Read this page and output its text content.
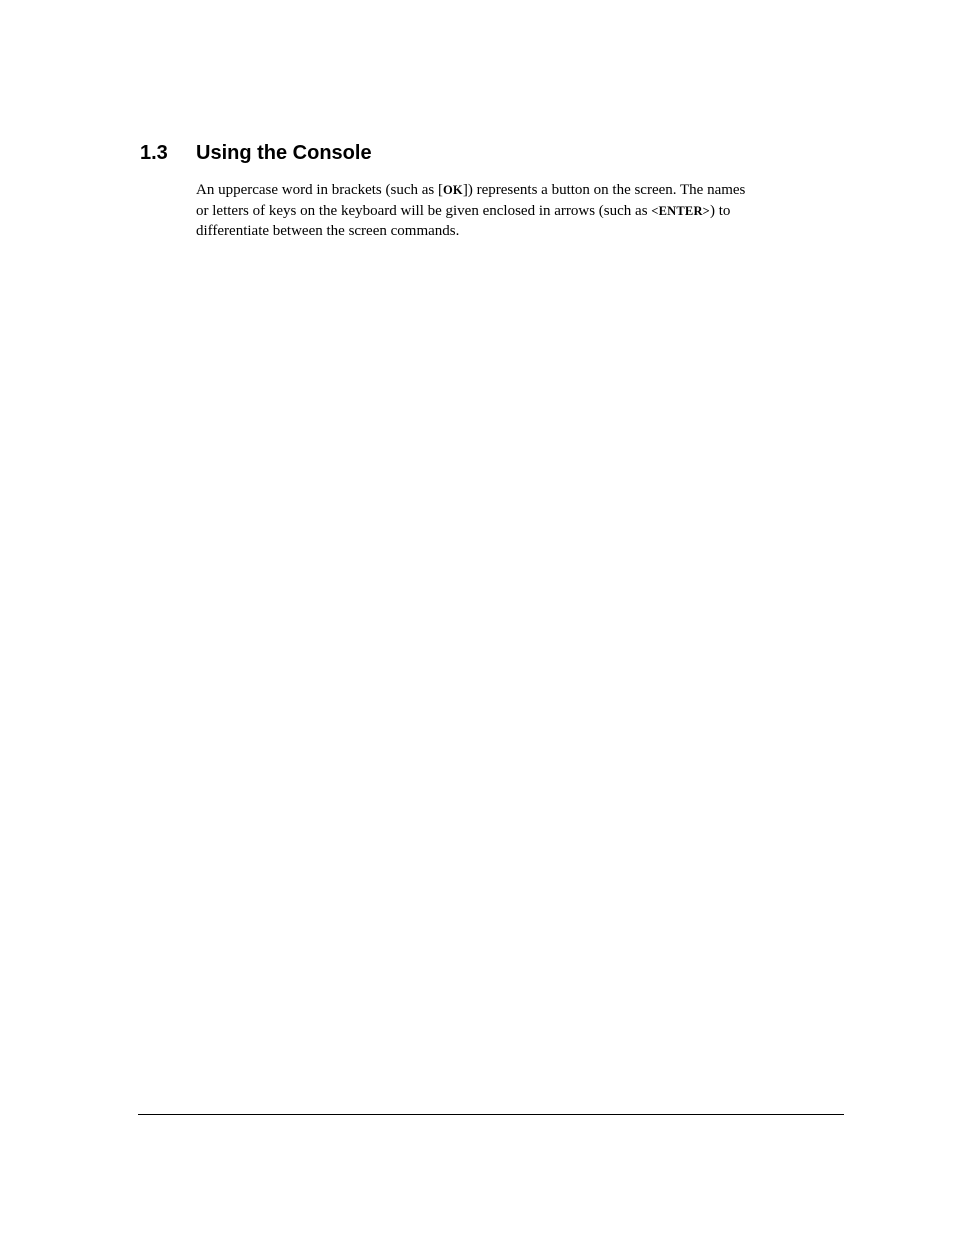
1.3 Using the Console
An uppercase word in brackets (such as [OK]) represents a button on the screen. The names
or letters of keys on the keyboard will be given enclosed in arrows (such as <ENTER>) to
differentiate between the screen commands.
